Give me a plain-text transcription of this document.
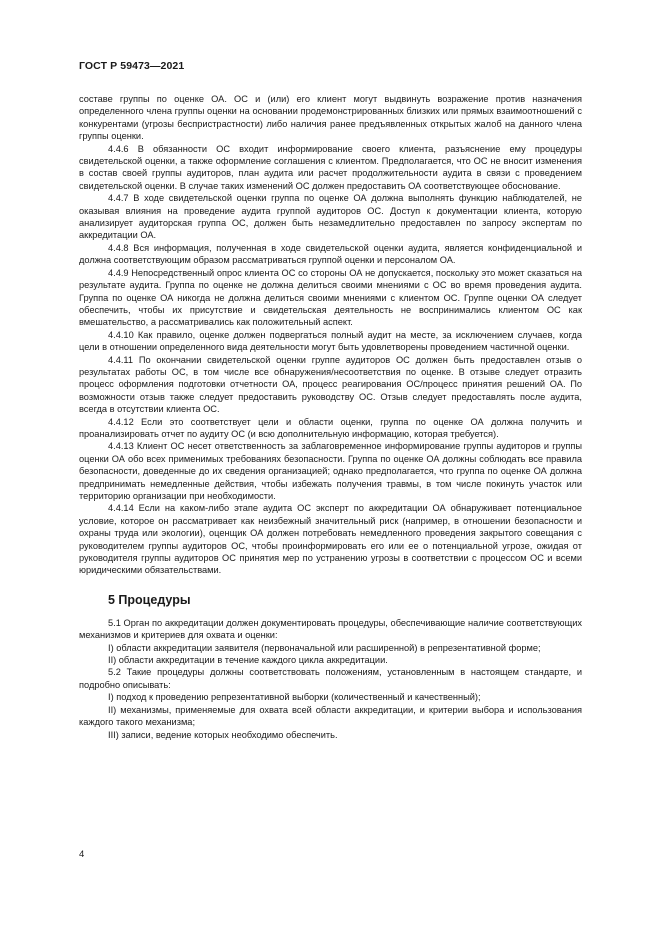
ГОСТ Р 59473—2021

составе группы по оценке ОА. ОС и (или) его клиент могут выдвинуть возражение против назначения определенного члена группы оценки на основании продемонстрированных близких или прямых взаимоотношений с конкурентами (угрозы беспристрастности) либо наличия ранее предъявленных открытых жалоб на данного члена группы оценки.

4.4.6 В обязанности ОС входит информирование своего клиента, разъяснение ему процедуры свидетельской оценки, а также оформление соглашения с клиентом. Предполагается, что ОС не вносит изменения в состав своей группы аудиторов, план аудита или расчет продолжительности аудита в связи с проведением свидетельской оценки. В случае таких изменений ОС должен предоставить ОА соответствующее обоснование.

4.4.7 В ходе свидетельской оценки группа по оценке ОА должна выполнять функцию наблюдателей, не оказывая влияния на проведение аудита группой аудиторов ОС. Доступ к документации клиента, которую анализирует аудиторская группа ОС, должен быть незамедлительно предоставлен по запросу экспертам по аккредитации ОА.

4.4.8 Вся информация, полученная в ходе свидетельской оценки аудита, является конфиденциальной и должна соответствующим образом рассматриваться группой оценки и персоналом ОА.

4.4.9 Непосредственный опрос клиента ОС со стороны ОА не допускается, поскольку это может сказаться на результате аудита. Группа по оценке не должна делиться своими мнениями с ОС во время проведения аудита. Группа по оценке ОА никогда не должна делиться своими мнениями с клиентом ОС. Группе оценки ОА следует обеспечить, чтобы их присутствие и свидетельская деятельность не воспринимались клиентом ОС как вмешательство, а рассматривались как положительный аспект.

4.4.10 Как правило, оценке должен подвергаться полный аудит на месте, за исключением случаев, когда цели в отношении определенного вида деятельности могут быть удовлетворены проведением частичной оценки.

4.4.11 По окончании свидетельской оценки группе аудиторов ОС должен быть предоставлен отзыв о результатах работы ОС, в том числе все обнаружения/несоответствия по оценке. В отзыве следует отразить процесс оформления подготовки отчетности ОА, процесс реагирования ОС/процесс принятия решений ОА. По возможности отзыв также следует предоставить руководству ОС. Отзыв следует предоставлять после аудита, всегда в отсутствии клиента ОС.

4.4.12 Если это соответствует цели и области оценки, группа по оценке ОА должна получить и проанализировать отчет по аудиту ОС (и всю дополнительную информацию, которая требуется).

4.4.13 Клиент ОС несет ответственность за заблаговременное информирование группы аудиторов и группы оценки ОА обо всех применимых требованиях безопасности. Группа по оценке ОА должны соблюдать все правила безопасности, доведенные до их сведения организацией; однако предполагается, что группа по оценке ОА должна предпринимать немедленные действия, чтобы избежать получения травмы, в том числе покинуть участок или территорию организации при необходимости.

4.4.14 Если на каком-либо этапе аудита ОС эксперт по аккредитации ОА обнаруживает потенциальное условие, которое он рассматривает как неизбежный значительный риск (например, в отношении безопасности и охраны труда или экологии), оценщик ОА должен потребовать немедленного проведения закрытого совещания с руководителем группы аудиторов ОС, чтобы проинформировать его или ее о потенциальной угрозе, ожидая от руководителя группы аудиторов ОС принятия мер по устранению угрозы в соответствии с процессом ОС и всеми юридическими обязательствами.

5 Процедуры

5.1 Орган по аккредитации должен документировать процедуры, обеспечивающие наличие соответствующих механизмов и критериев для охвата и оценки:

I) области аккредитации заявителя (первоначальной или расширенной) в репрезентативной форме;

II) области аккредитации в течение каждого цикла аккредитации.

5.2 Такие процедуры должны соответствовать положениям, установленным в настоящем стандарте, и подробно описывать:

I) подход к проведению репрезентативной выборки (количественный и качественный);

II) механизмы, применяемые для охвата всей области аккредитации, и критерии выбора и использования каждого такого механизма;

III) записи, ведение которых необходимо обеспечить.

4
